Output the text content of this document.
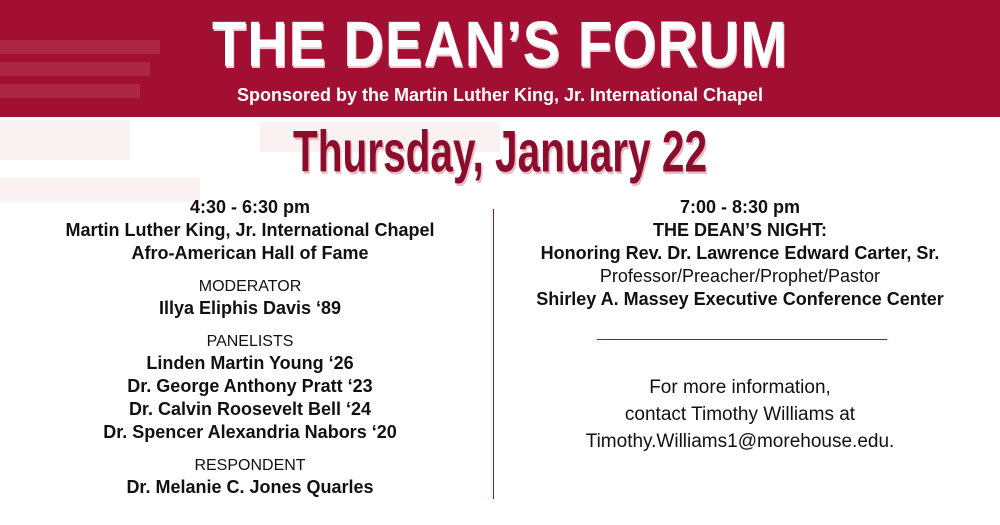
THE DEAN’S FORUM
Sponsored by the Martin Luther King, Jr. International Chapel
Thursday, January 22
4:30 - 6:30 pm
Martin Luther King, Jr. International Chapel
Afro-American Hall of Fame
MODERATOR
Illya Eliphis Davis ‘89
PANELISTS
Linden Martin Young ‘26
Dr. George Anthony Pratt ‘23
Dr. Calvin Roosevelt Bell ‘24
Dr. Spencer Alexandria Nabors ‘20
RESPONDENT
Dr. Melanie C. Jones Quarles
7:00 - 8:30 pm
THE DEAN’S NIGHT:
Honoring Rev. Dr. Lawrence Edward Carter, Sr.
Professor/Preacher/Prophet/Pastor
Shirley A. Massey Executive Conference Center
For more information,
contact Timothy Williams at
Timothy.Williams1@morehouse.edu.
